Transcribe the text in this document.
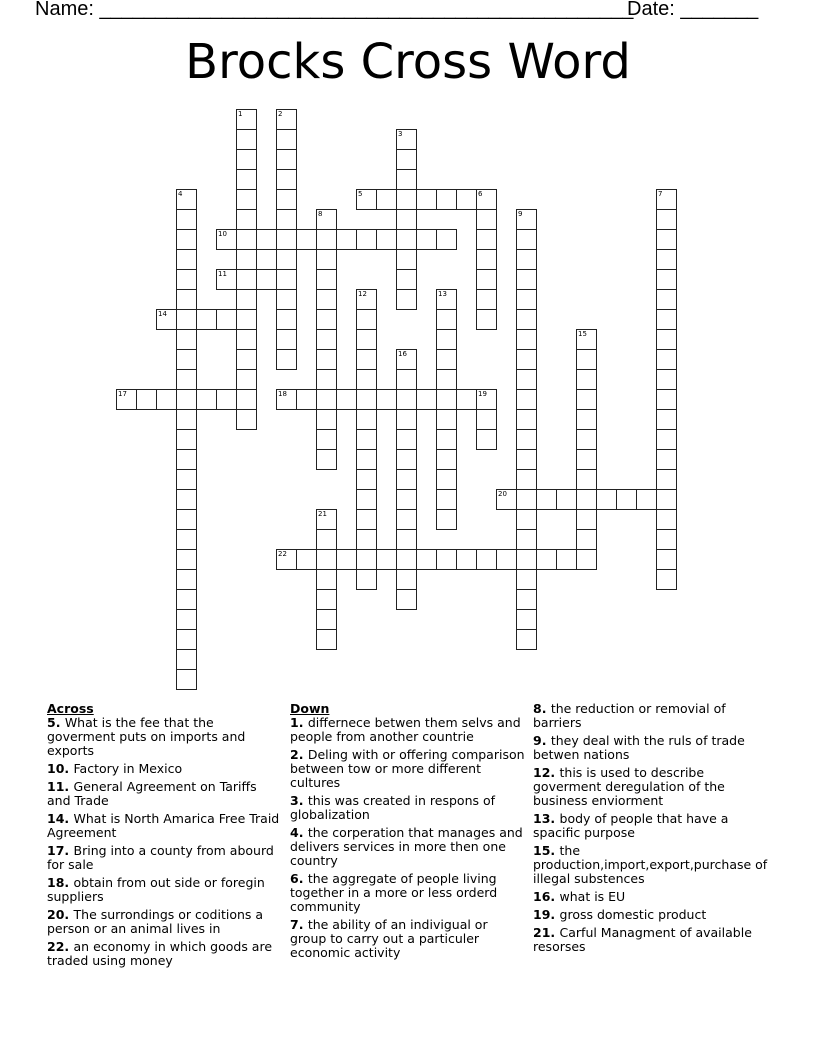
Name: ________________________________________________
Date: _______
Brocks Cross Word
1	2
3
4	5	6	7
8	9
10
11
12	13
14
15
16
17	18	19
20
21
22
Across
5. What is the fee that the goverment puts on imports and exports
10. Factory in Mexico
11. General Agreement on Tariffs and Trade
14. What is North Amarica Free Traid Agreement
17. Bring into a county from abourd for sale
18. obtain from out side or foregin suppliers
20. The surrondings or coditions a person or an animal lives in
22. an economy in which goods are traded using money
Down
1. differnece betwen them selvs and people from another countrie
2. Deling with or offering comparison between tow or more different cultures
3. this was created in respons of globalization
4. the corperation that manages and delivers services in more then one country
6. the aggregate of people living together in a more or less orderd community
7. the ability of an indivigual or group to carry out a particuler economic activity
8. the reduction or removial of barriers
9. they deal with the ruls of trade betwen nations
12. this is used to describe goverment deregulation of the business enviorment
13. body of people that have a spacific purpose
15. the production,import,export,purchase of illegal substences
16. what is EU
19. gross domestic product
21. Carful Managment of available resorses
